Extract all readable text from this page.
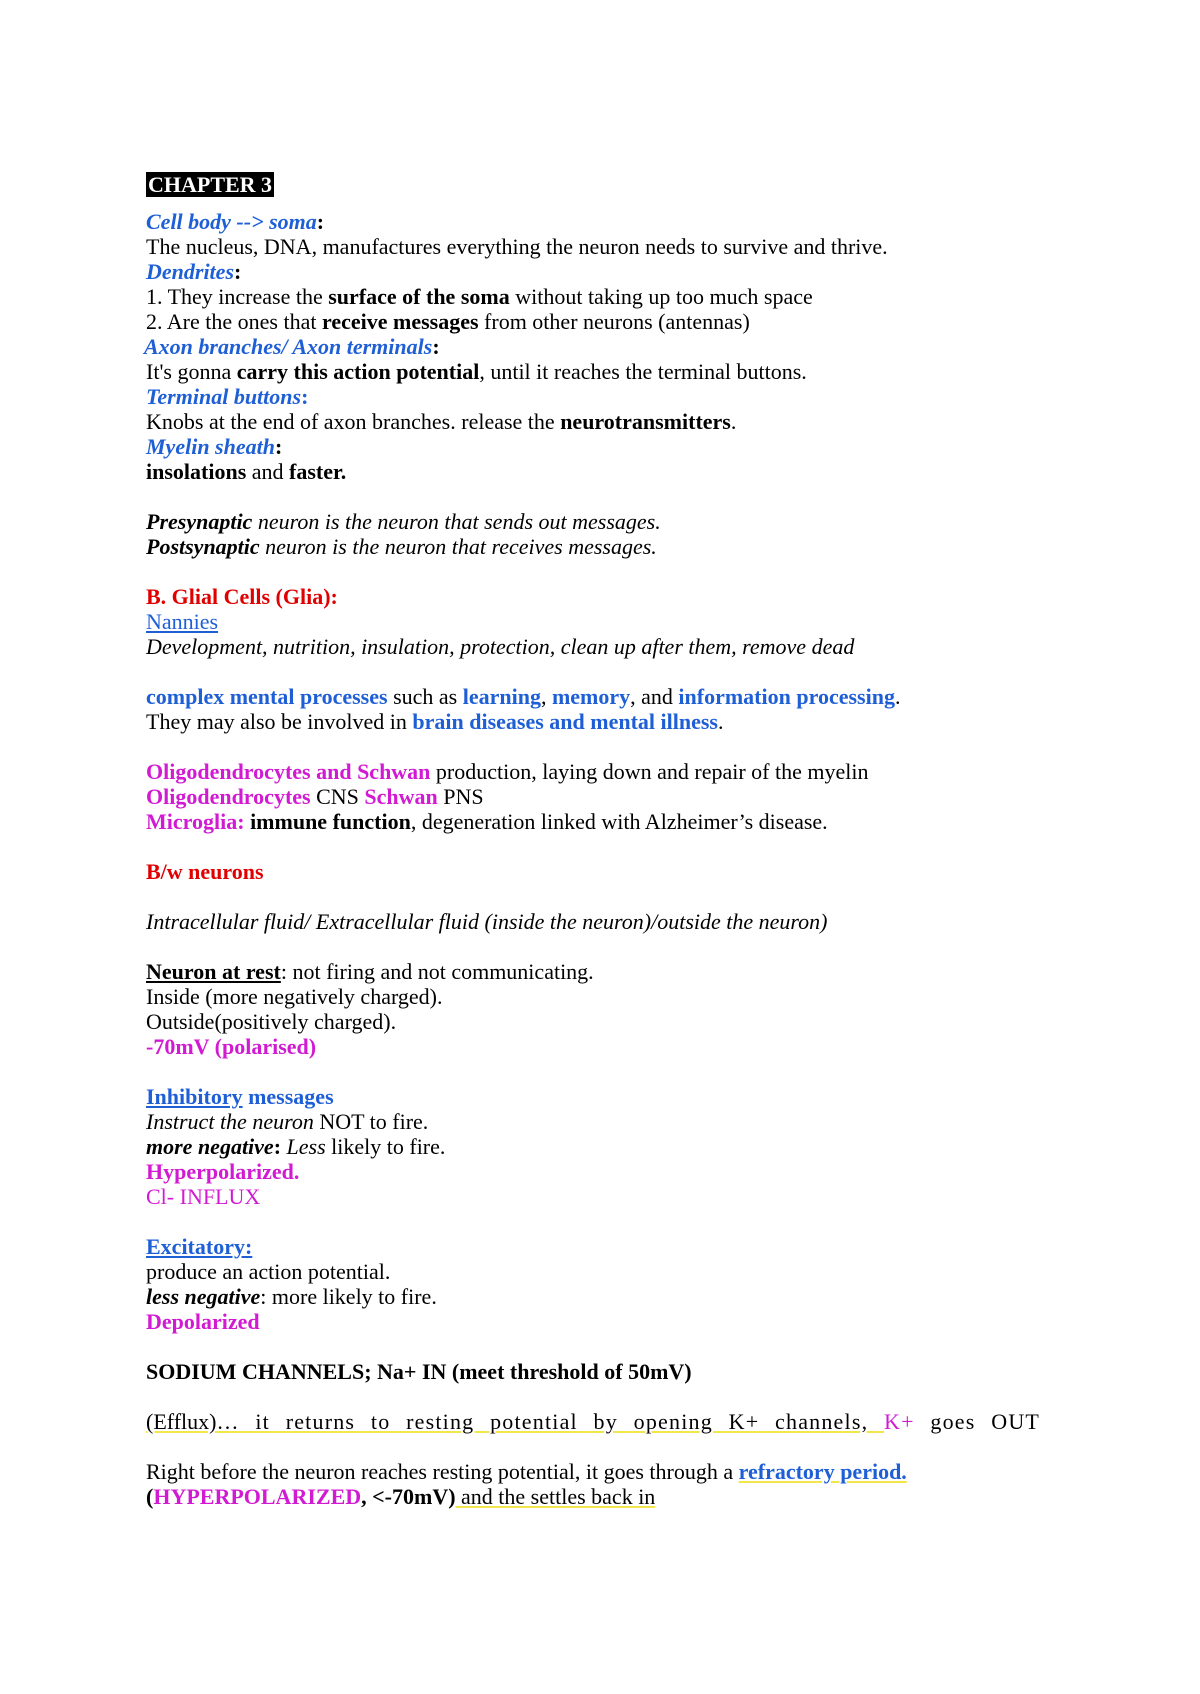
CHAPTER 3
Cell body --> soma:
The nucleus, DNA, manufactures everything the neuron needs to survive and thrive.
Dendrites:
1. They increase the surface of the soma without taking up too much space
2. Are the ones that receive messages from other neurons (antennas)
Axon branches/ Axon terminals:
It's gonna carry this action potential, until it reaches the terminal buttons.
Terminal buttons:
Knobs at the end of axon branches. release the neurotransmitters.
Myelin sheath:
insolations and faster.
Presynaptic neuron is the neuron that sends out messages.
Postsynaptic neuron is the neuron that receives messages.
B. Glial Cells (Glia):
Nannies
Development, nutrition, insulation, protection, clean up after them, remove dead
complex mental processes such as learning, memory, and information processing.
They may also be involved in brain diseases and mental illness.
Oligodendrocytes and Schwan production, laying down and repair of the myelin
Oligodendrocytes CNS Schwan PNS
Microglia: immune function, degeneration linked with Alzheimer’s disease.
B/w neurons
Intracellular fluid/ Extracellular fluid (inside the neuron)/outside the neuron)
Neuron at rest: not firing and not communicating.
Inside (more negatively charged).
Outside(positively charged).
-70mV (polarised)
Inhibitory messages
Instruct the neuron NOT to fire.
more negative: Less likely to fire.
Hyperpolarized.
Cl- INFLUX
Excitatory:
produce an action potential.
less negative: more likely to fire.
Depolarized
SODIUM CHANNELS; Na+ IN (meet threshold of 50mV)
(Efflux)… it returns to resting potential by opening K+ channels, K+ goes OUT
Right before the neuron reaches resting potential, it goes through a refractory period.
(HYPERPOLARIZED, <-70mV) and the settles back in
